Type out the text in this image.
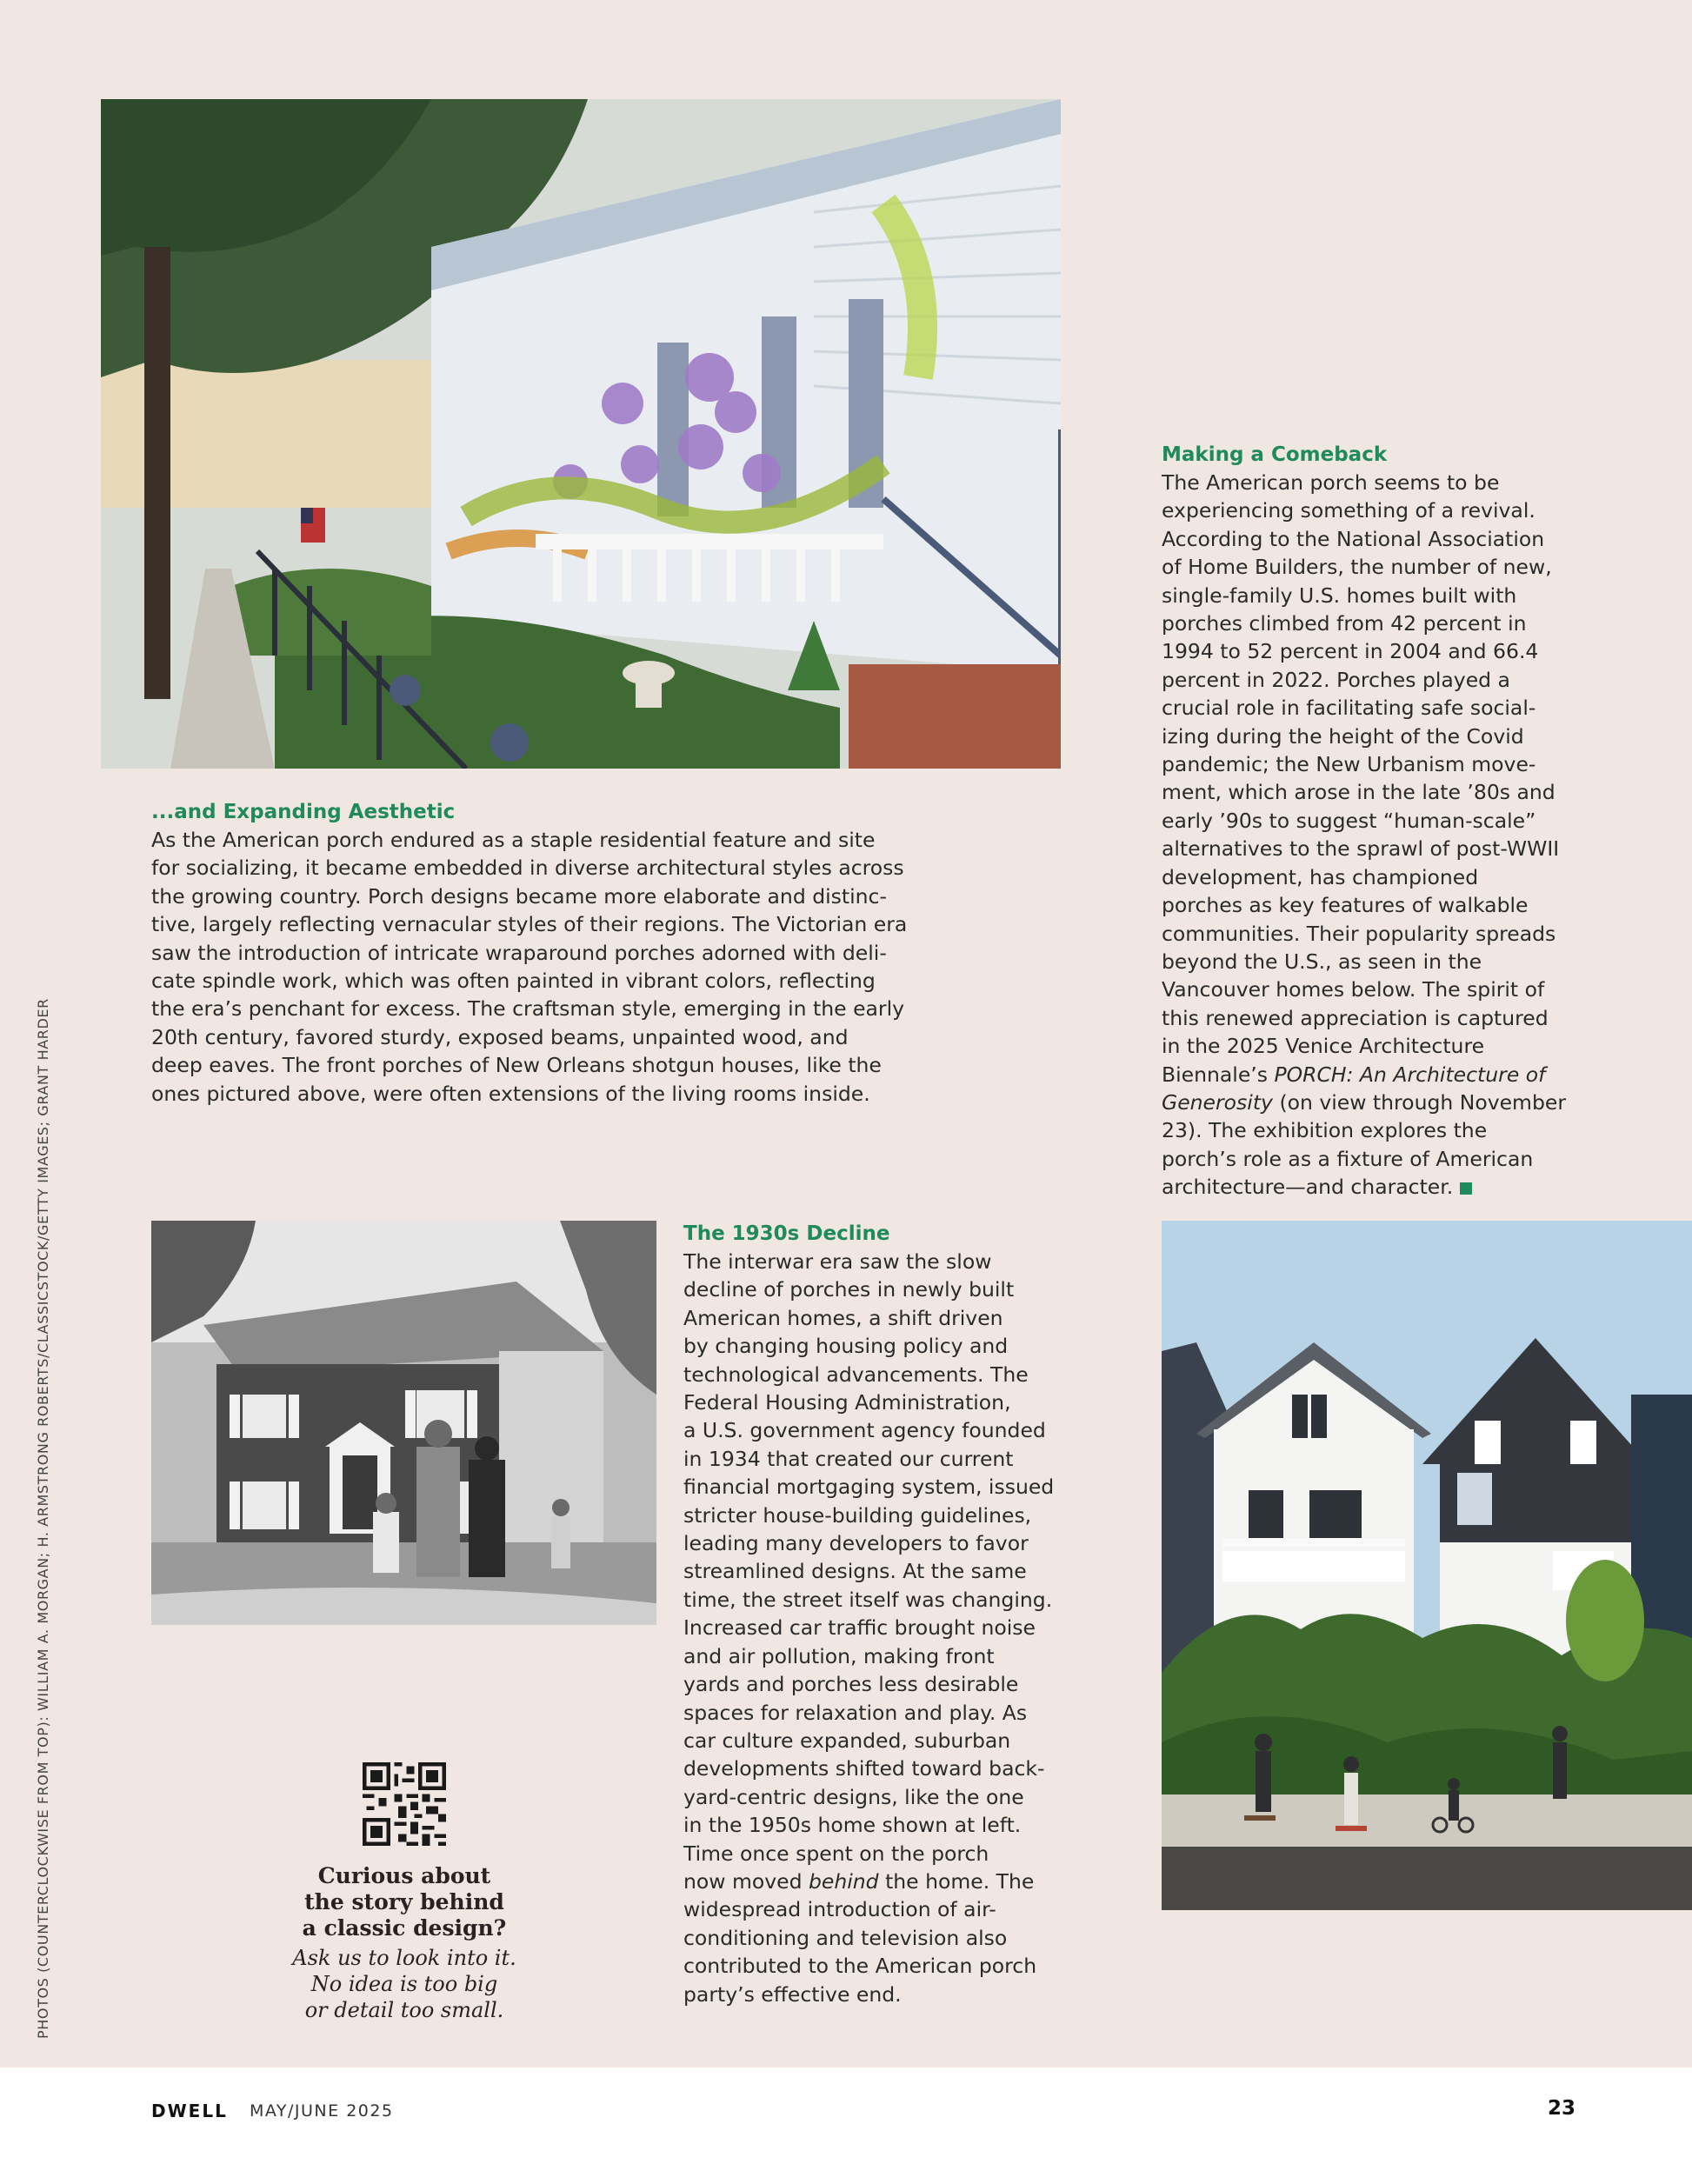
...and Expanding Aesthetic
As the American porch endured as a staple residential feature and site
for socializing, it became embedded in diverse architectural styles across
the growing country. Porch designs became more elaborate and distinc-
tive, largely reflecting vernacular styles of their regions. The Victorian era
saw the introduction of intricate wraparound porches adorned with deli-
cate spindle work, which was often painted in vibrant colors, reflecting
the era’s penchant for excess. The craftsman style, emerging in the early
20th century, favored sturdy, exposed beams, unpainted wood, and
deep eaves. The front porches of New Orleans shotgun houses, like the
ones pictured above, were often extensions of the living rooms inside.
Making a Comeback
The American porch seems to be
experiencing something of a revival.
According to the National Association
of Home Builders, the number of new,
single-family U.S. homes built with
porches climbed from 42 percent in
1994 to 52 percent in 2004 and 66.4
percent in 2022. Porches played a
crucial role in facilitating safe social-
izing during the height of the Covid
pandemic; the New Urbanism move-
ment, which arose in the late ’80s and
early ’90s to suggest “human-scale”
alternatives to the sprawl of post-WWII
development, has championed
porches as key features of walkable
communities. Their popularity spreads
beyond the U.S., as seen in the
Vancouver homes below. The spirit of
this renewed appreciation is captured
in the 2025 Venice Architecture
Biennale’s PORCH: An Architecture of
Generosity (on view through November
23). The exhibition explores the
porch’s role as a fixture of American
architecture—and character.
Curious about
the story behind
a classic design?
Ask us to look into it.
No idea is too big
or detail too small.
The 1930s Decline
The interwar era saw the slow
decline of porches in newly built
American homes, a shift driven
by changing housing policy and
technological advancements. The
Federal Housing Administration,
a U.S. government agency founded
in 1934 that created our current
financial mortgaging system, issued
stricter house-building guidelines,
leading many developers to favor
streamlined designs. At the same
time, the street itself was changing.
Increased car traffic brought noise
and air pollution, making front
yards and porches less desirable
spaces for relaxation and play. As
car culture expanded, suburban
developments shifted toward back-
yard-centric designs, like the one
in the 1950s home shown at left.
Time once spent on the porch
now moved behind the home. The
widespread introduction of air-
conditioning and television also
contributed to the American porch
party’s effective end.
PHOTOS (COUNTERCLOCKWISE FROM TOP): WILLIAM A. MORGAN; H. ARMSTRONG ROBERTS/CLASSICSTOCK/GETTY IMAGES; GRANT HARDER
DWELL MAY/JUNE 2025	23
